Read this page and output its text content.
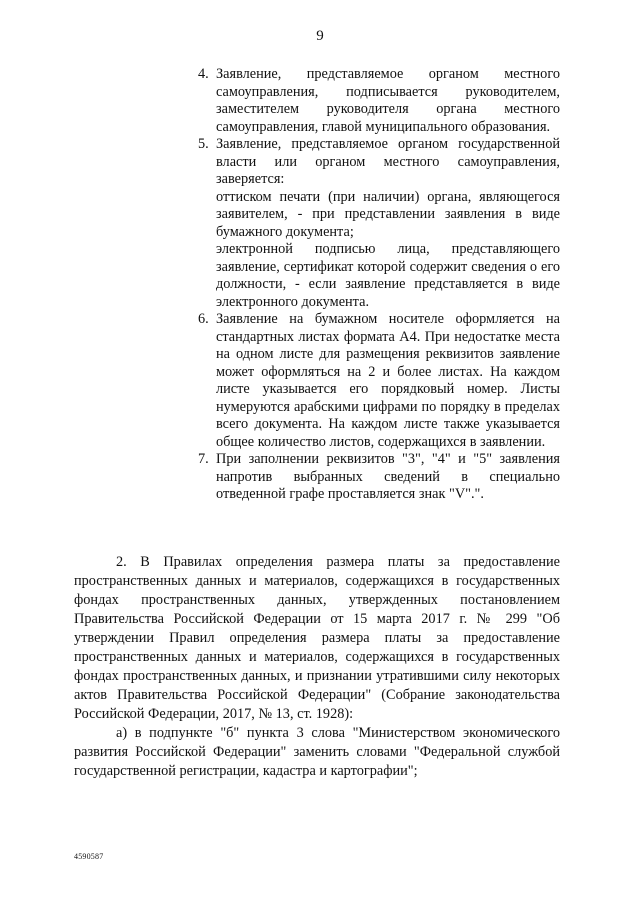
9
4. Заявление, представляемое органом местного самоуправления, подписывается руководителем, заместителем руководителя органа местного самоуправления, главой муниципального образования.

5. Заявление, представляемое органом государственной власти или органом местного самоуправления, заверяется:

оттиском печати (при наличии) органа, являющегося заявителем, - при представлении заявления в виде бумажного документа;

электронной подписью лица, представляющего заявление, сертификат которой содержит сведения о его должности, - если заявление представляется в виде электронного документа.

6. Заявление на бумажном носителе оформляется на стандартных листах формата А4. При недостатке места на одном листе для размещения реквизитов заявление может оформляться на 2 и более листах. На каждом листе указывается его порядковый номер. Листы нумеруются арабскими цифрами по порядку в пределах всего документа. На каждом листе также указывается общее количество листов, содержащихся в заявлении.

7. При заполнении реквизитов "3", "4" и "5" заявления напротив выбранных сведений в специально отведенной графе проставляется знак "V".".

2. В Правилах определения размера платы за предоставление пространственных данных и материалов, содержащихся в государственных фондах пространственных данных, утвержденных постановлением Правительства Российской Федерации от 15 марта 2017 г. № 299 "Об утверждении Правил определения размера платы за предоставление пространственных данных и материалов, содержащихся в государственных фондах пространственных данных, и признании утратившими силу некоторых актов Правительства Российской Федерации" (Собрание законодательства Российской Федерации, 2017, № 13, ст. 1928):

а) в подпункте "б" пункта 3 слова "Министерством экономического развития Российской Федерации" заменить словами "Федеральной службой государственной регистрации, кадастра и картографии";

4590587
